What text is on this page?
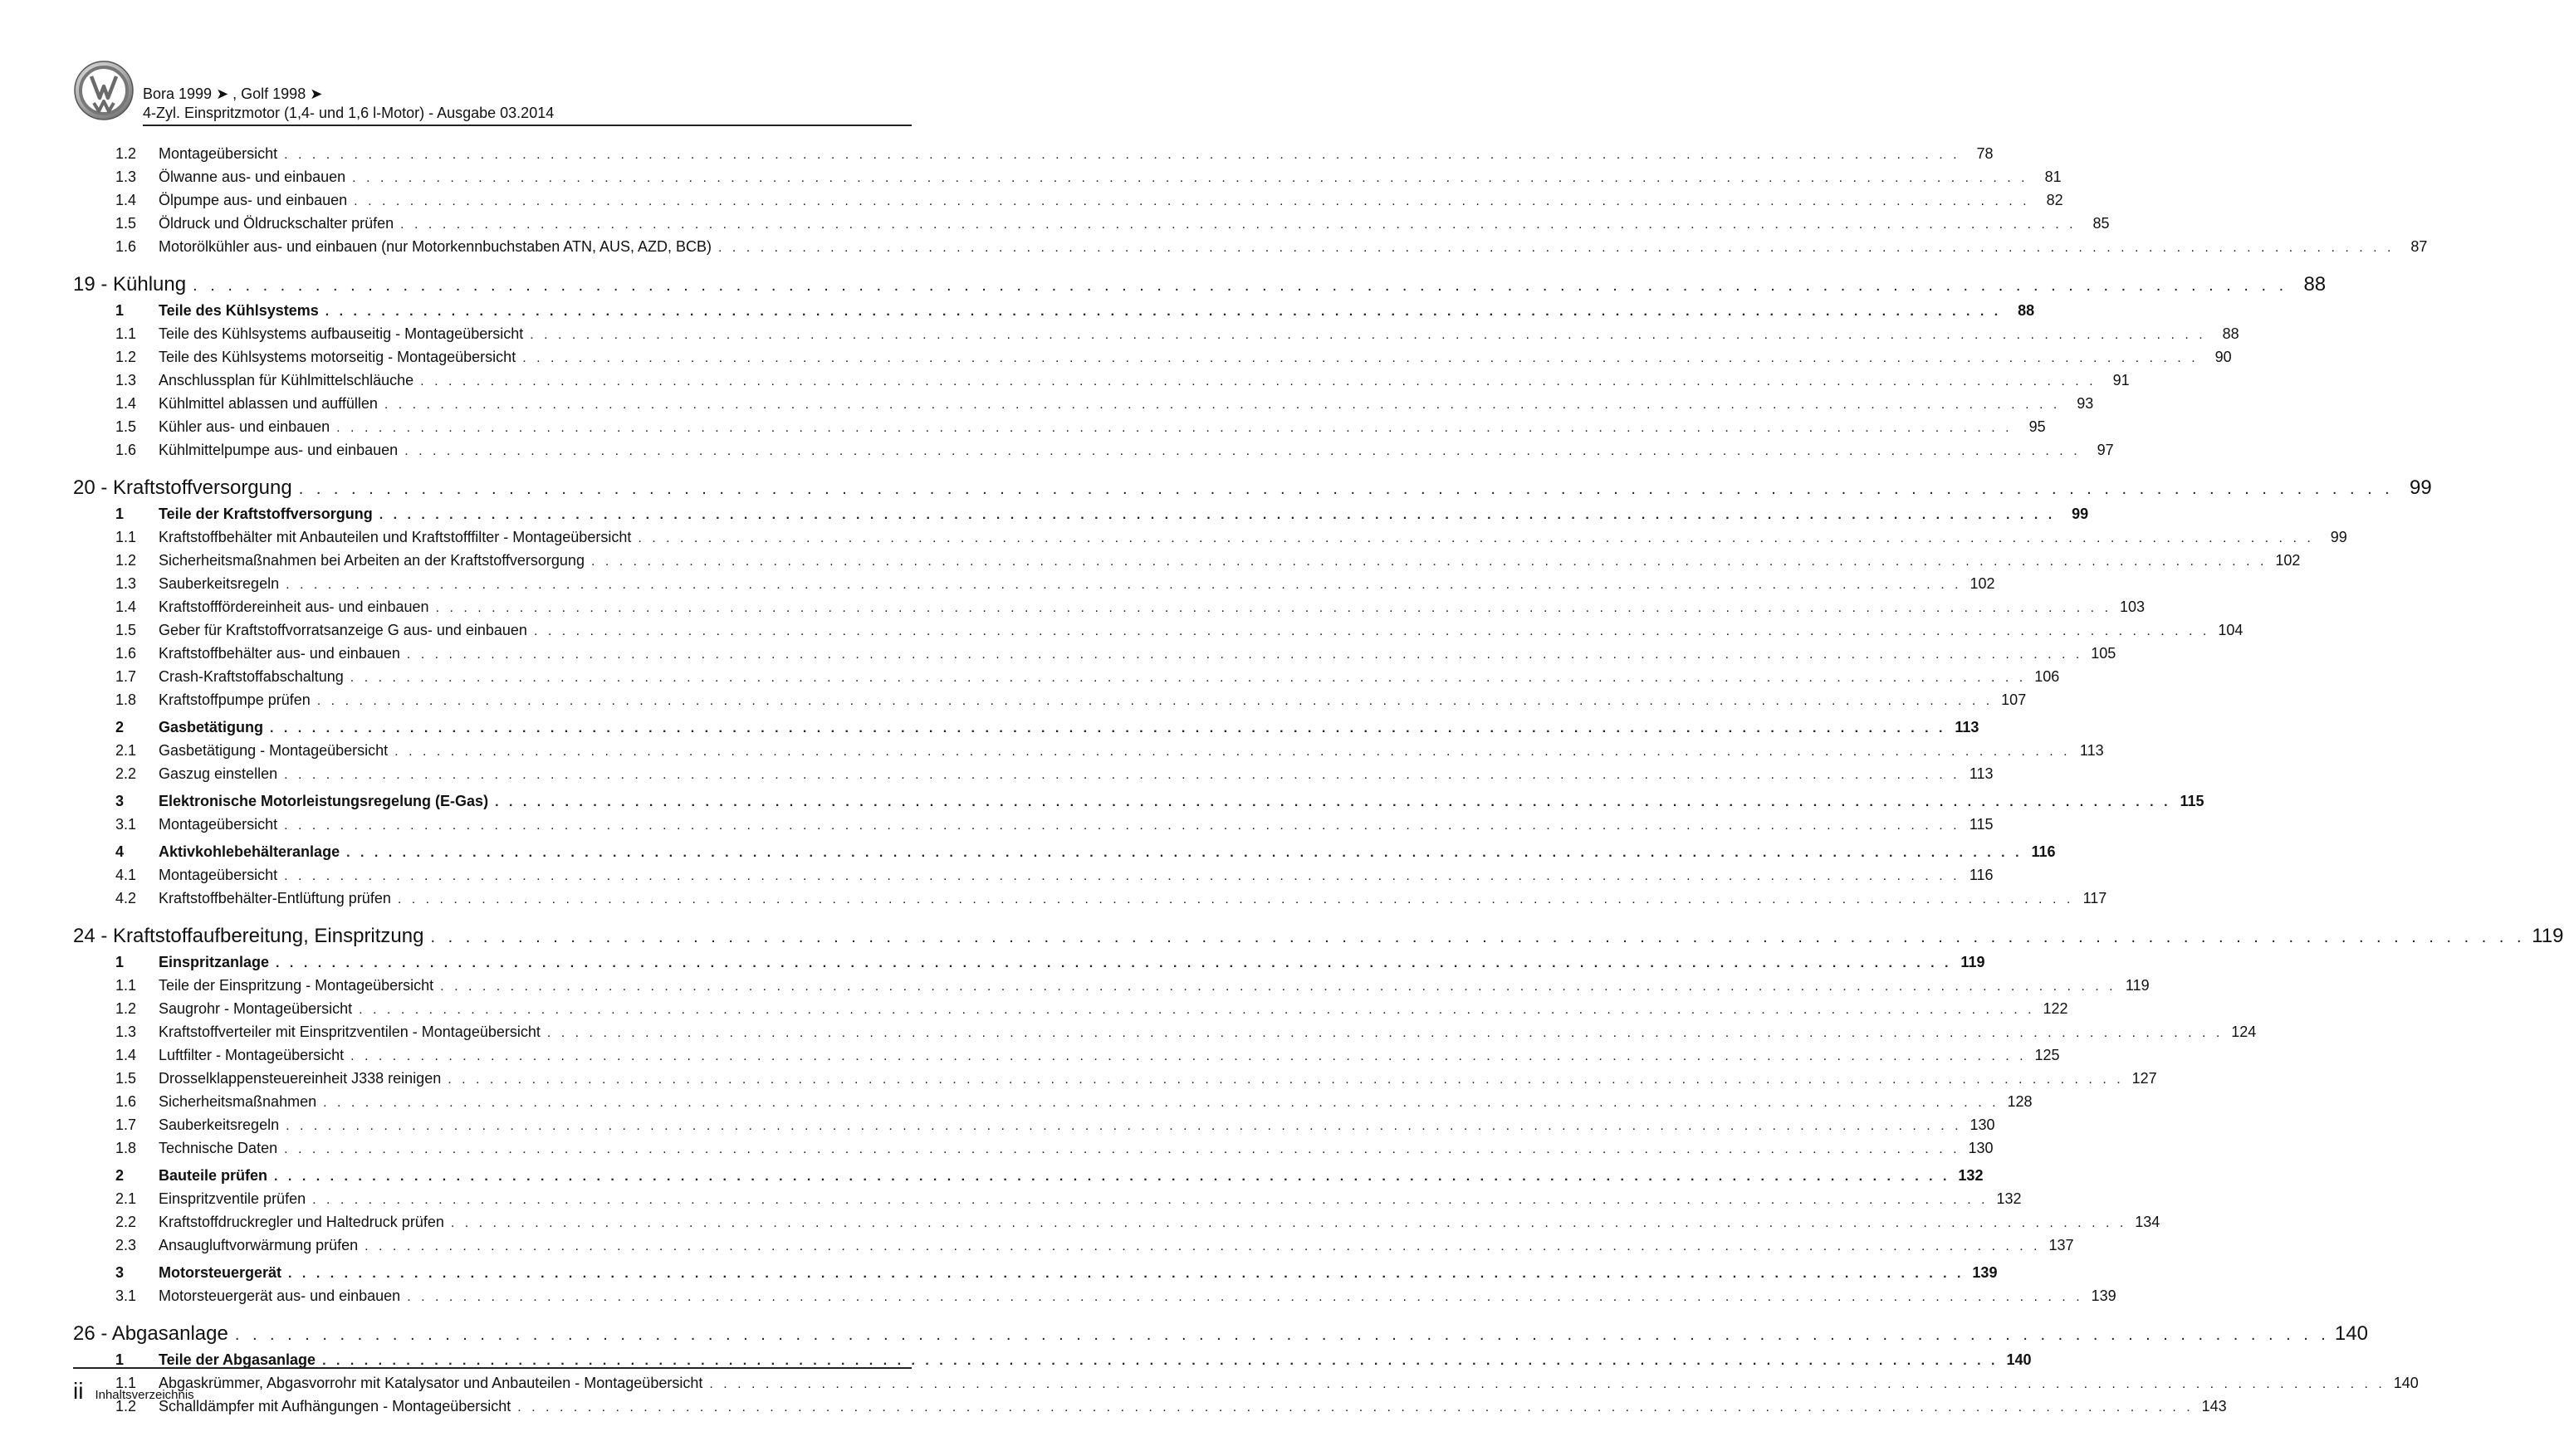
Bora 1999 ➤ , Golf 1998 ➤
4-Zyl. Einspritzmotor (1,4- und 1,6 l-Motor) - Ausgabe 03.2014
1.2	Montageübersicht . . . . . . . . . . . . . . . . . . . . . . . . . . . . . . . . . . . . . . . . . . . . . . . . . . . . . . . . . . . . . . . . . . . . . . . . . . . . . . . . . . . . . . . . . . . . . . . . . . . . . . . . . . . . . . . . . . . . . . . .	78
1.3	Ölwanne aus- und einbauen . . . . . . . . . . . . . . . . . . . . . . . . . . . . . . . . . . . . . . . . . . . . . . . . . . . . . . . . . . . . . . . . . . . . . . . . . . . . . . . . . . . . . . . . . . . . . . . . . . . . . . . . . . . . . . . . . . . . . . . .	81
1.4	Ölpumpe aus- und einbauen . . . . . . . . . . . . . . . . . . . . . . . . . . . . . . . . . . . . . . . . . . . . . . . . . . . . . . . . . . . . . . . . . . . . . . . . . . . . . . . . . . . . . . . . . . . . . . . . . . . . . . . . . . . . . . . . . . . . . . . .	82
1.5	Öldruck und Öldruckschalter prüfen . . . . . . . . . . . . . . . . . . . . . . . . . . . . . . . . . . . . . . . . . . . . . . . . . . . . . . . . . . . . . . . . . . . . . . . . . . . . . . . . . . . . . . . . . . . . . . . . . . . . . . . . . . . . . . . . . . . . . . . .	85
1.6	Motorölkühler aus- und einbauen (nur Motorkennbuchstaben ATN, AUS, AZD, BCB) . . . . . . . . . . . . . . . . . . . . . . . . . . . . . . . . . . . . . . . . . . . . . . . . . . . . . . . . . . . . . . . . . . . . . . . . . . . . . . . . . . . . . . . . . . . . . . . . . . . . . . . . . . . . . . . . . . . . . . . .	87
19 - Kühlung . . . . . . . . . . . . . . . . . . . . . . . . . . . . . . . . . . . . . . . . . . . . . . . . . . . . . . . . . . . . . . . . . . . . . . . . . . . . . . . . . . . . . . . . . . . . . . . . . . . . . . . . . . . . . . . . . . . . . . . . 88
1	Teile des Kühlsystems . . . . . . . . . . . . . . . . . . . . . . . . . . . . . . . . . . . . . . . . . . . . . . . . . . . . . . . . . . . . . . . . . . . . . . . . . . . . . . . . . . . . . . . . . . . . . . . . . . . . . . . . . . . . . . . . . . . . . . . .	88
1.1	Teile des Kühlsystems aufbauseitig - Montageübersicht . . . . . . . . . . . . . . . . . . . . . . . . . . . . . . . . . . . . . . . . . . . . . . . . . . . . . . . . . . . . . . . . . . . . . . . . . . . . . . . . . . . . . . . . . . . . . . . . . . . . . . . . . . . . . . . . . . . . . . . .	88
1.2	Teile des Kühlsystems motorseitig - Montageübersicht . . . . . . . . . . . . . . . . . . . . . . . . . . . . . . . . . . . . . . . . . . . . . . . . . . . . . . . . . . . . . . . . . . . . . . . . . . . . . . . . . . . . . . . . . . . . . . . . . . . . . . . . . . . . . . . . . . . . . . . .	90
1.3	Anschlussplan für Kühlmittelschläuche . . . . . . . . . . . . . . . . . . . . . . . . . . . . . . . . . . . . . . . . . . . . . . . . . . . . . . . . . . . . . . . . . . . . . . . . . . . . . . . . . . . . . . . . . . . . . . . . . . . . . . . . . . . . . . . . . . . . . . . .	91
1.4	Kühlmittel ablassen und auffüllen . . . . . . . . . . . . . . . . . . . . . . . . . . . . . . . . . . . . . . . . . . . . . . . . . . . . . . . . . . . . . . . . . . . . . . . . . . . . . . . . . . . . . . . . . . . . . . . . . . . . . . . . . . . . . . . . . . . . . . . .	93
1.5	Kühler aus- und einbauen . . . . . . . . . . . . . . . . . . . . . . . . . . . . . . . . . . . . . . . . . . . . . . . . . . . . . . . . . . . . . . . . . . . . . . . . . . . . . . . . . . . . . . . . . . . . . . . . . . . . . . . . . . . . . . . . . . . . . . . .	95
1.6	Kühlmittelpumpe aus- und einbauen . . . . . . . . . . . . . . . . . . . . . . . . . . . . . . . . . . . . . . . . . . . . . . . . . . . . . . . . . . . . . . . . . . . . . . . . . . . . . . . . . . . . . . . . . . . . . . . . . . . . . . . . . . . . . . . . . . . . . . . .	97
20 - Kraftstoffversorgung . . . . . . . . . . . . . . . . . . . . . . . . . . . . . . . . . . . . . . . . . . . . . . . . . . . . . . . . . . . . . . . . . . . . . . . . . . . . . . . . . . . . . . . . . . . . . . . . . . . . . . . . . . . . . . . . . . . . . . . . 99
1	Teile der Kraftstoffversorgung . . . . . . . . . . . . . . . . . . . . . . . . . . . . . . . . . . . . . . . . . . . . . . . . . . . . . . . . . . . . . . . . . . . . . . . . . . . . . . . . . . . . . . . . . . . . . . . . . . . . . . . . . . . . . . . . . . . . . . . .	99
1.1	Kraftstoffbehälter mit Anbauteilen und Kraftstofffilter - Montageübersicht . . . . . . . . . . . . . . . . . . . . . . . . . . . . . . . . . . . . . . . . . . . . . . . . . . . . . . . . . . . . . . . . . . . . . . . . . . . . . . . . . . . . . . . . . . . . . . . . . . . . . . . . . . . . . . . . . . . . . . . .	99
1.2	Sicherheitsmaßnahmen bei Arbeiten an der Kraftstoffversorgung . . . . . . . . . . . . . . . . . . . . . . . . . . . . . . . . . . . . . . . . . . . . . . . . . . . . . . . . . . . . . . . . . . . . . . . . . . . . . . . . . . . . . . . . . . . . . . . . . . . . . . . . . . . . . . . . . . . . . . . . 102
1.3	Sauberkeitsregeln . . . . . . . . . . . . . . . . . . . . . . . . . . . . . . . . . . . . . . . . . . . . . . . . . . . . . . . . . . . . . . . . . . . . . . . . . . . . . . . . . . . . . . . . . . . . . . . . . . . . . . . . . . . . . . . . . . . . . . . . 102
1.4	Kraftstofffördereinheit aus- und einbauen . . . . . . . . . . . . . . . . . . . . . . . . . . . . . . . . . . . . . . . . . . . . . . . . . . . . . . . . . . . . . . . . . . . . . . . . . . . . . . . . . . . . . . . . . . . . . . . . . . . . . . . . . . . . . . . . . . . . . . . . 103
1.5	Geber für Kraftstoffvorratsanzeige G aus- und einbauen . . . . . . . . . . . . . . . . . . . . . . . . . . . . . . . . . . . . . . . . . . . . . . . . . . . . . . . . . . . . . . . . . . . . . . . . . . . . . . . . . . . . . . . . . . . . . . . . . . . . . . . . . . . . . . . . . . . . . . . . 104
1.6	Kraftstoffbehälter aus- und einbauen . . . . . . . . . . . . . . . . . . . . . . . . . . . . . . . . . . . . . . . . . . . . . . . . . . . . . . . . . . . . . . . . . . . . . . . . . . . . . . . . . . . . . . . . . . . . . . . . . . . . . . . . . . . . . . . . . . . . . . . . 105
1.7	Crash-Kraftstoffabschaltung . . . . . . . . . . . . . . . . . . . . . . . . . . . . . . . . . . . . . . . . . . . . . . . . . . . . . . . . . . . . . . . . . . . . . . . . . . . . . . . . . . . . . . . . . . . . . . . . . . . . . . . . . . . . . . . . . . . . . . . . 106
1.8	Kraftstoffpumpe prüfen . . . . . . . . . . . . . . . . . . . . . . . . . . . . . . . . . . . . . . . . . . . . . . . . . . . . . . . . . . . . . . . . . . . . . . . . . . . . . . . . . . . . . . . . . . . . . . . . . . . . . . . . . . . . . . . . . . . . . . . . 107
2	Gasbetätigung . . . . . . . . . . . . . . . . . . . . . . . . . . . . . . . . . . . . . . . . . . . . . . . . . . . . . . . . . . . . . . . . . . . . . . . . . . . . . . . . . . . . . . . . . . . . . . . . . . . . . . . . . . . . . . . . . . . . . . . . 113
2.1	Gasbetätigung - Montageübersicht . . . . . . . . . . . . . . . . . . . . . . . . . . . . . . . . . . . . . . . . . . . . . . . . . . . . . . . . . . . . . . . . . . . . . . . . . . . . . . . . . . . . . . . . . . . . . . . . . . . . . . . . . . . . . . . . . . . . . . . . 113
2.2	Gaszug einstellen . . . . . . . . . . . . . . . . . . . . . . . . . . . . . . . . . . . . . . . . . . . . . . . . . . . . . . . . . . . . . . . . . . . . . . . . . . . . . . . . . . . . . . . . . . . . . . . . . . . . . . . . . . . . . . . . . . . . . . . . 113
3	Elektronische Motorleistungsregelung (E-Gas) . . . . . . . . . . . . . . . . . . . . . . . . . . . . . . . . . . . . . . . . . . . . . . . . . . . . . . . . . . . . . . . . . . . . . . . . . . . . . . . . . . . . . . . . . . . . . . . . . . . . . . . . . . . . . . . . . . . . . . . . 115
3.1	Montageübersicht . . . . . . . . . . . . . . . . . . . . . . . . . . . . . . . . . . . . . . . . . . . . . . . . . . . . . . . . . . . . . . . . . . . . . . . . . . . . . . . . . . . . . . . . . . . . . . . . . . . . . . . . . . . . . . . . . . . . . . . . 115
4	Aktivkohlebehälteranlage . . . . . . . . . . . . . . . . . . . . . . . . . . . . . . . . . . . . . . . . . . . . . . . . . . . . . . . . . . . . . . . . . . . . . . . . . . . . . . . . . . . . . . . . . . . . . . . . . . . . . . . . . . . . . . . . . . . . . . . . 116
4.1	Montageübersicht . . . . . . . . . . . . . . . . . . . . . . . . . . . . . . . . . . . . . . . . . . . . . . . . . . . . . . . . . . . . . . . . . . . . . . . . . . . . . . . . . . . . . . . . . . . . . . . . . . . . . . . . . . . . . . . . . . . . . . . . 116
4.2	Kraftstoffbehälter-Entlüftung prüfen . . . . . . . . . . . . . . . . . . . . . . . . . . . . . . . . . . . . . . . . . . . . . . . . . . . . . . . . . . . . . . . . . . . . . . . . . . . . . . . . . . . . . . . . . . . . . . . . . . . . . . . . . . . . . . . . . . . . . . . . 117
24 - Kraftstoffaufbereitung, Einspritzung . . . . . . . . . . . . . . . . . . . . . . . . . . . . . . . . . . . . . . . . . . . . . . . . . . . . . . . . . . . . . . . . . . . . . . . . . . . . . . . . . . . . . . . . . . . . . . . . . . . . . . . . . . . . . . . . . . . . . . . . 119
1	Einspritzanlage . . . . . . . . . . . . . . . . . . . . . . . . . . . . . . . . . . . . . . . . . . . . . . . . . . . . . . . . . . . . . . . . . . . . . . . . . . . . . . . . . . . . . . . . . . . . . . . . . . . . . . . . . . . . . . . . . . . . . . . . 119
1.1	Teile der Einspritzung - Montageübersicht . . . . . . . . . . . . . . . . . . . . . . . . . . . . . . . . . . . . . . . . . . . . . . . . . . . . . . . . . . . . . . . . . . . . . . . . . . . . . . . . . . . . . . . . . . . . . . . . . . . . . . . . . . . . . . . . . . . . . . . . 119
1.2	Saugrohr - Montageübersicht . . . . . . . . . . . . . . . . . . . . . . . . . . . . . . . . . . . . . . . . . . . . . . . . . . . . . . . . . . . . . . . . . . . . . . . . . . . . . . . . . . . . . . . . . . . . . . . . . . . . . . . . . . . . . . . . . . . . . . . . 122
1.3	Kraftstoffverteiler mit Einspritzventilen - Montageübersicht . . . . . . . . . . . . . . . . . . . . . . . . . . . . . . . . . . . . . . . . . . . . . . . . . . . . . . . . . . . . . . . . . . . . . . . . . . . . . . . . . . . . . . . . . . . . . . . . . . . . . . . . . . . . . . . . . . . . . . . . 124
1.4	Luftfilter - Montageübersicht . . . . . . . . . . . . . . . . . . . . . . . . . . . . . . . . . . . . . . . . . . . . . . . . . . . . . . . . . . . . . . . . . . . . . . . . . . . . . . . . . . . . . . . . . . . . . . . . . . . . . . . . . . . . . . . . . . . . . . . . 125
1.5	Drosselklappensteuereinheit J338 reinigen . . . . . . . . . . . . . . . . . . . . . . . . . . . . . . . . . . . . . . . . . . . . . . . . . . . . . . . . . . . . . . . . . . . . . . . . . . . . . . . . . . . . . . . . . . . . . . . . . . . . . . . . . . . . . . . . . . . . . . . . 127
1.6	Sicherheitsmaßnahmen . . . . . . . . . . . . . . . . . . . . . . . . . . . . . . . . . . . . . . . . . . . . . . . . . . . . . . . . . . . . . . . . . . . . . . . . . . . . . . . . . . . . . . . . . . . . . . . . . . . . . . . . . . . . . . . . . . . . . . . . 128
1.7	Sauberkeitsregeln . . . . . . . . . . . . . . . . . . . . . . . . . . . . . . . . . . . . . . . . . . . . . . . . . . . . . . . . . . . . . . . . . . . . . . . . . . . . . . . . . . . . . . . . . . . . . . . . . . . . . . . . . . . . . . . . . . . . . . . . 130
1.8	Technische Daten . . . . . . . . . . . . . . . . . . . . . . . . . . . . . . . . . . . . . . . . . . . . . . . . . . . . . . . . . . . . . . . . . . . . . . . . . . . . . . . . . . . . . . . . . . . . . . . . . . . . . . . . . . . . . . . . . . . . . . . . 130
2	Bauteile prüfen . . . . . . . . . . . . . . . . . . . . . . . . . . . . . . . . . . . . . . . . . . . . . . . . . . . . . . . . . . . . . . . . . . . . . . . . . . . . . . . . . . . . . . . . . . . . . . . . . . . . . . . . . . . . . . . . . . . . . . . . 132
2.1	Einspritzventile prüfen . . . . . . . . . . . . . . . . . . . . . . . . . . . . . . . . . . . . . . . . . . . . . . . . . . . . . . . . . . . . . . . . . . . . . . . . . . . . . . . . . . . . . . . . . . . . . . . . . . . . . . . . . . . . . . . . . . . . . . . . 132
2.2	Kraftstoffdruckregler und Haltedruck prüfen . . . . . . . . . . . . . . . . . . . . . . . . . . . . . . . . . . . . . . . . . . . . . . . . . . . . . . . . . . . . . . . . . . . . . . . . . . . . . . . . . . . . . . . . . . . . . . . . . . . . . . . . . . . . . . . . . . . . . . . . 134
2.3	Ansaugluftvorwärmung prüfen . . . . . . . . . . . . . . . . . . . . . . . . . . . . . . . . . . . . . . . . . . . . . . . . . . . . . . . . . . . . . . . . . . . . . . . . . . . . . . . . . . . . . . . . . . . . . . . . . . . . . . . . . . . . . . . . . . . . . . . . 137
3	Motorsteuergerät . . . . . . . . . . . . . . . . . . . . . . . . . . . . . . . . . . . . . . . . . . . . . . . . . . . . . . . . . . . . . . . . . . . . . . . . . . . . . . . . . . . . . . . . . . . . . . . . . . . . . . . . . . . . . . . . . . . . . . . . 139
3.1	Motorsteuergerät aus- und einbauen . . . . . . . . . . . . . . . . . . . . . . . . . . . . . . . . . . . . . . . . . . . . . . . . . . . . . . . . . . . . . . . . . . . . . . . . . . . . . . . . . . . . . . . . . . . . . . . . . . . . . . . . . . . . . . . . . . . . . . . . 139
26 - Abgasanlage . . . . . . . . . . . . . . . . . . . . . . . . . . . . . . . . . . . . . . . . . . . . . . . . . . . . . . . . . . . . . . . . . . . . . . . . . . . . . . . . . . . . . . . . . . . . . . . . . . . . . . . . . . . . . . . . . . . . . . . . 140
1	Teile der Abgasanlage . . . . . . . . . . . . . . . . . . . . . . . . . . . . . . . . . . . . . . . . . . . . . . . . . . . . . . . . . . . . . . . . . . . . . . . . . . . . . . . . . . . . . . . . . . . . . . . . . . . . . . . . . . . . . . . . . . . . . . . . 140
1.1	Abgaskrümmer, Abgasvorrohr mit Katalysator und Anbauteilen - Montageübersicht . . . . . . . . . . . . . . . . . . . . . . . . . . . . . . . . . . . . . . . . . . . . . . . . . . . . . . . . . . . . . . . . . . . . . . . . . . . . . . . . . . . . . . . . . . . . . . . . . . . . . . . . . . . . . . . . . . . . . . . . 140
1.2	Schalldämpfer mit Aufhängungen - Montageübersicht . . . . . . . . . . . . . . . . . . . . . . . . . . . . . . . . . . . . . . . . . . . . . . . . . . . . . . . . . . . . . . . . . . . . . . . . . . . . . . . . . . . . . . . . . . . . . . . . . . . . . . . . . . . . . . . . . . . . . . . . 143
ii Inhaltsverzeichnis
